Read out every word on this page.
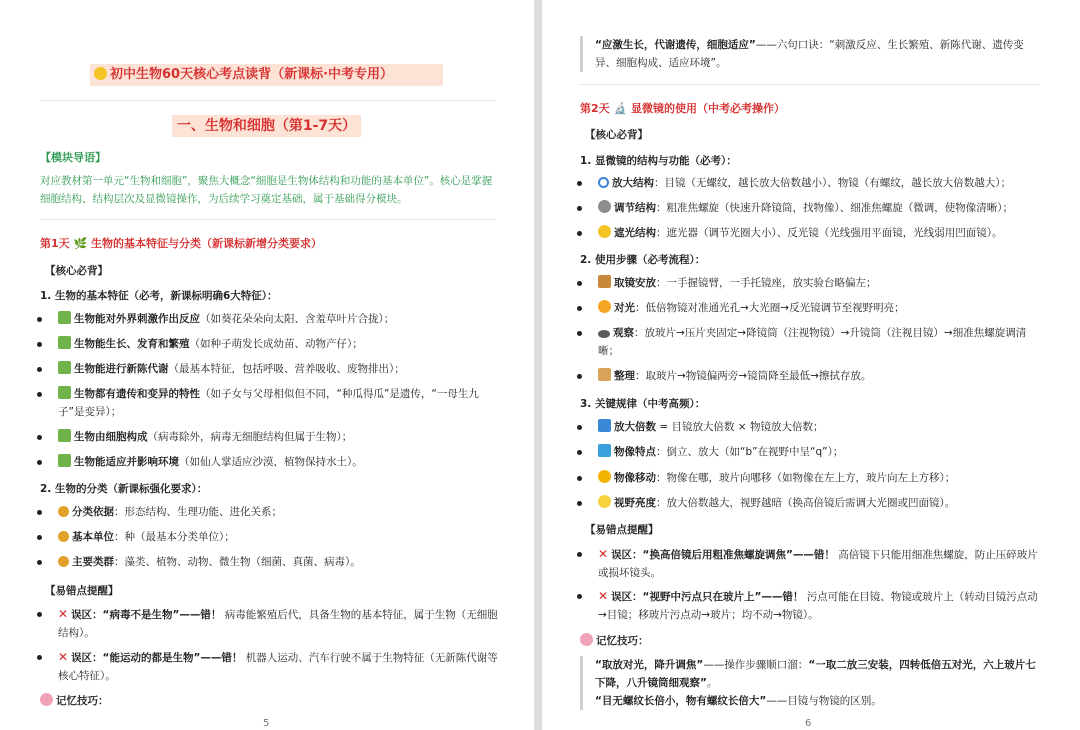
初中生物60天核心考点读背（新课标·中考专用）
一、生物和细胞（第1-7天）
【模块导语】
对应教材第一单元“生物和细胞”，聚焦大概念“细胞是生物体结构和功能的基本单位”。核心是掌握细胞结构、结构层次及显微镜操作，为后续学习奠定基础，属于基础得分模块。
第1天 🌿 生物的基本特征与分类（新课标新增分类要求）
【核心必背】
1. 生物的基本特征（必考，新课标明确6大特征）：
生物能对外界刺激作出反应（如葵花朵朵向太阳、含羞草叶片合拢）；
生物能生长、发育和繁殖（如种子萌发长成幼苗、动物产仔）；
生物能进行新陈代谢（最基本特征，包括呼吸、营养吸收、废物排出）；
生物都有遗传和变异的特性（如子女与父母相似但不同，“种瓜得瓜”是遗传，“一母生九子”是变异）；
生物由细胞构成（病毒除外，病毒无细胞结构但属于生物）；
生物能适应并影响环境（如仙人掌适应沙漠，植物保持水土）。
2. 生物的分类（新课标强化要求）：
分类依据：形态结构、生理功能、进化关系；
基本单位：种（最基本分类单位）；
主要类群：藻类、植物、动物、微生物（细菌、真菌、病毒）。
【易错点提醒】
✕ 误区：“病毒不是生物”——错！ 病毒能繁殖后代，具备生物的基本特征，属于生物（无细胞结构）。
✕ 误区：“能运动的都是生物”——错！ 机器人运动、汽车行驶不属于生物特征（无新陈代谢等核心特征）。
记忆技巧：
5
“应激生长，代谢遗传，细胞适应”——六句口诀：“刺激反应、生长繁殖、新陈代谢、遗传变异、细胞构成、适应环境”。
第2天 🔬 显微镜的使用（中考必考操作）
【核心必背】
1. 显微镜的结构与功能（必考）：
放大结构：目镜（无螺纹，越长放大倍数越小）、物镜（有螺纹，越长放大倍数越大）；
调节结构：粗准焦螺旋（快速升降镜筒，找物像）、细准焦螺旋（微调，使物像清晰）；
遮光结构：遮光器（调节光圈大小）、反光镜（光线强用平面镜，光线弱用凹面镜）。
2. 使用步骤（必考流程）：
取镜安放：一手握镜臂，一手托镜座，放实验台略偏左；
对光：低倍物镜对准通光孔→大光圈→反光镜调节至视野明亮；
观察：放玻片→压片夹固定→降镜筒（注视物镜）→升镜筒（注视目镜）→细准焦螺旋调清晰；
整理：取玻片→物镜偏两旁→镜筒降至最低→擦拭存放。
3. 关键规律（中考高频）：
放大倍数 = 目镜放大倍数 × 物镜放大倍数；
物像特点：倒立、放大（如“b”在视野中呈“q”）；
物像移动：物像在哪，玻片向哪移（如物像在左上方，玻片向左上方移）；
视野亮度：放大倍数越大，视野越暗（换高倍镜后需调大光圈或凹面镜）。
【易错点提醒】
✕ 误区：“换高倍镜后用粗准焦螺旋调焦”——错！ 高倍镜下只能用细准焦螺旋，防止压碎玻片或损坏镜头。
✕ 误区：“视野中污点只在玻片上”——错！ 污点可能在目镜、物镜或玻片上（转动目镜污点动→目镜；移玻片污点动→玻片；均不动→物镜）。
记忆技巧：
“取放对光，降升调焦”——操作步骤顺口溜：“一取二放三安装，四转低倍五对光，六上玻片七下降，八升镜筒细观察”。
“目无螺纹长倍小，物有螺纹长倍大”——目镜与物镜的区别。
6
